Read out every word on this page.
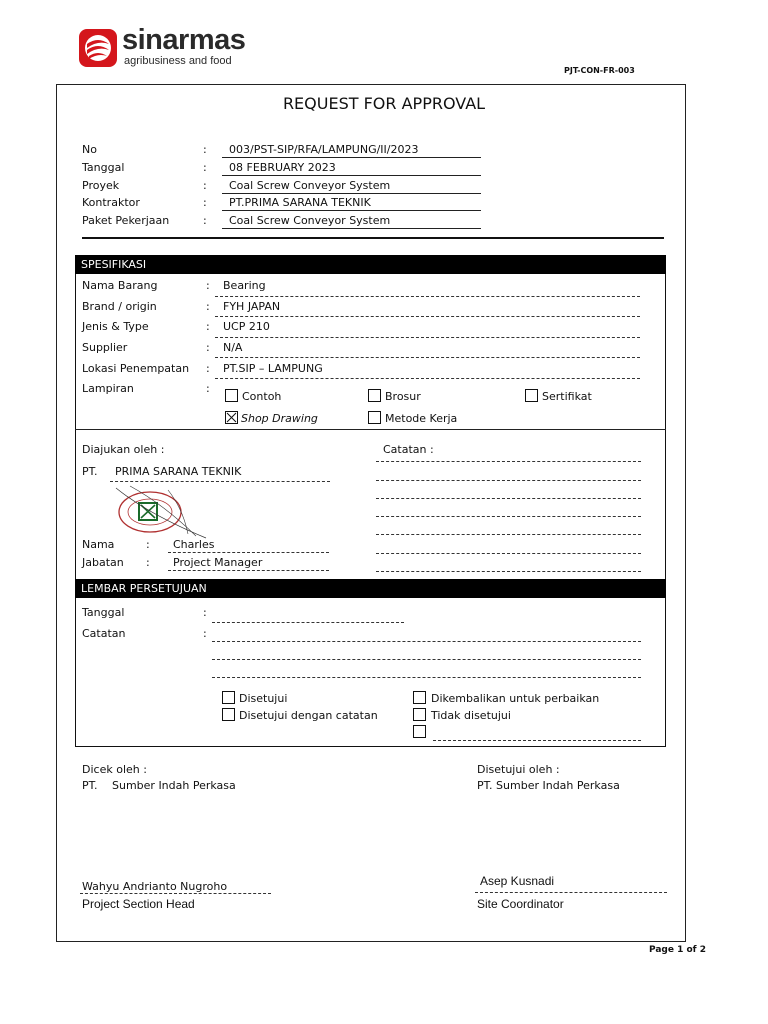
sinarmas
agribusiness and food
PJT-CON-FR-003
REQUEST FOR APPROVAL
No	: 003/PST-SIP/RFA/LAMPUNG/II/2023
Tanggal	: 08 FEBRUARY 2023
Proyek	: Coal Screw Conveyor System
Kontraktor	: PT.PRIMA SARANA TEKNIK
Paket Pekerjaan	: Coal Screw Conveyor System
SPESIFIKASI
Nama Barang	: Bearing
Brand / origin	: FYH JAPAN
Jenis & Type	: UCP 210
Supplier	: N/A
Lokasi Penempatan : PT.SIP – LAMPUNG
Lampiran	:
Contoh	Brosur	Sertifikat
Shop Drawing	Metode Kerja
Diajukan oleh :
PT. PRIMA SARANA TEKNIK
Nama	: Charles
Jabatan : Project Manager
Catatan :
LEMBAR PERSETUJUAN
Tanggal	:
Catatan	:
Disetujui	Dikembalikan untuk perbaikan
Disetujui dengan catatan	Tidak disetujui
Dicek oleh :
PT. Sumber Indah Perkasa
Wahyu Andrianto Nugroho
Project Section Head
Disetujui oleh :
PT. Sumber Indah Perkasa
Asep Kusnadi
Site Coordinator
Page 1 of 2
